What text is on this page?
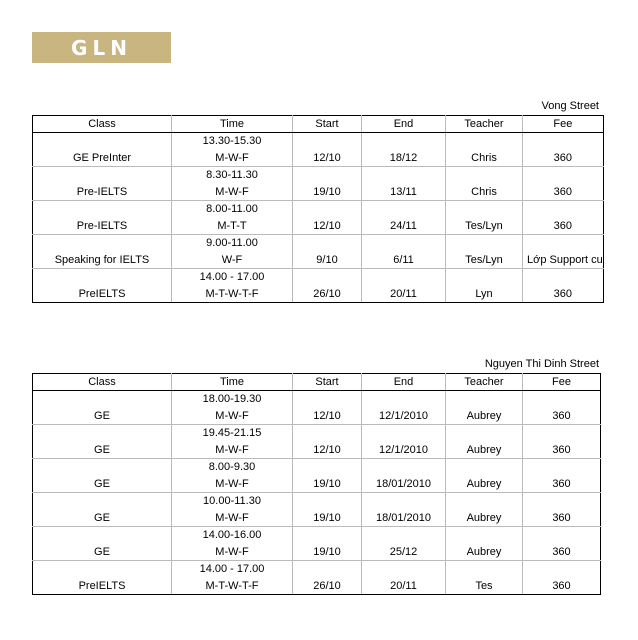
GLN
Vong Street
Class	Time	Start	End	Teacher	Fee
	13.30-15.30				
GE PreInter	M-W-F	12/10	18/12	Chris	360
	8.30-11.30				
Pre-IELTS	M-W-F	19/10	13/11	Chris	360
	8.00-11.00				
Pre-IELTS	M-T-T	12/10	24/11	Tes/Lyn	360
	9.00-11.00				
Speaking for IELTS	W-F	9/10	6/11	Tes/Lyn	Lớp Support cu
	14.00 - 17.00				
PreIELTS	M-T-W-T-F	26/10	20/11	Lyn	360
Nguyen Thi Dinh Street
Class	Time	Start	End	Teacher	Fee
	18.00-19.30				
GE	M-W-F	12/10	12/1/2010	Aubrey	360
	19.45-21.15				
GE	M-W-F	12/10	12/1/2010	Aubrey	360
	8.00-9.30				
GE	M-W-F	19/10	18/01/2010	Aubrey	360
	10.00-11.30				
GE	M-W-F	19/10	18/01/2010	Aubrey	360
	14.00-16.00				
GE	M-W-F	19/10	25/12	Aubrey	360
	14.00 - 17.00				
PreIELTS	M-T-W-T-F	26/10	20/11	Tes	360
